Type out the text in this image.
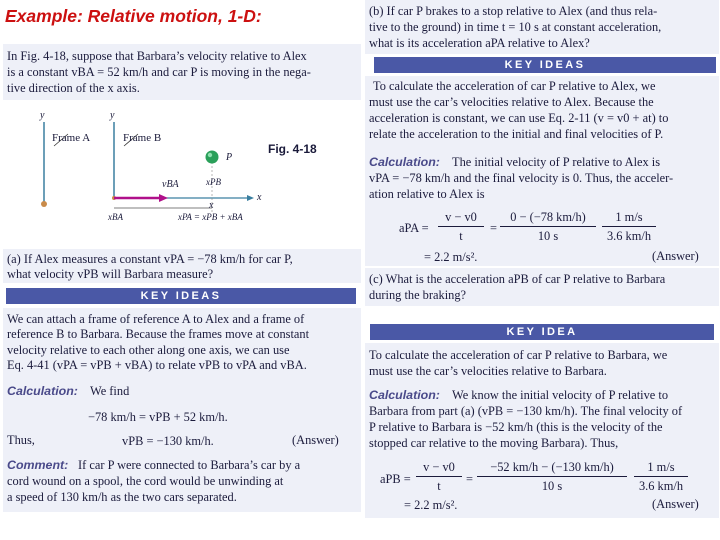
Example: Relative motion, 1-D:
In Fig. 4-18, suppose that Barbara’s velocity relative to Alex
is a constant vBA = 52 km/h and car P is moving in the nega-
tive direction of the x axis.
y	y
Frame A	Frame B
Fig. 4-18
P
vBA	xPB
x
x
xBA	xPA = xPB + xBA
(a) If Alex measures a constant vPA = −78 km/h for car P,
what velocity vPB will Barbara measure?
KEY IDEAS
We can attach a frame of reference A to Alex and a frame of
reference B to Barbara. Because the frames move at constant
velocity relative to each other along one axis, we can use
Eq. 4-41 (vPA = vPB + vBA) to relate vPB to vPA and vBA.
Calculation: We find
−78 km/h = vPB + 52 km/h.
Thus,	vPB = −130 km/h.	(Answer)
Comment: If car P were connected to Barbara’s car by a
cord wound on a spool, the cord would be unwinding at
a speed of 130 km/h as the two cars separated.
(b) If car P brakes to a stop relative to Alex (and thus rela-
tive to the ground) in time t = 10 s at constant acceleration,
what is its acceleration aPA relative to Alex?
KEY IDEAS
To calculate the acceleration of car P relative to Alex, we
must use the car’s velocities relative to Alex. Because the
acceleration is constant, we can use Eq. 2-11 (v = v0 + at) to
relate the acceleration to the initial and final velocities of P.
Calculation: The initial velocity of P relative to Alex is
vPA = −78 km/h and the final velocity is 0. Thus, the acceler-
ation relative to Alex is
aPA = $\frac{v - v0}{t} = \frac{0 - (-78 km/h)}{10 s} \frac{1 m/s}{3.6 km/h}$
= 2.2 m/s².	(Answer)
(c) What is the acceleration aPB of car P relative to Barbara
during the braking?
KEY IDEA
To calculate the acceleration of car P relative to Barbara, we
must use the car’s velocities relative to Barbara.
Calculation: We know the initial velocity of P relative to
Barbara from part (a) (vPB = −130 km/h). The final velocity of
P relative to Barbara is −52 km/h (this is the velocity of the
stopped car relative to the moving Barbara). Thus,
aPB = $\frac{v - v0}{t} = \frac{-52 km/h - (-130 km/h)}{10 s} \frac{1 m/s}{3.6 km/h}$
= 2.2 m/s².	(Answer)
